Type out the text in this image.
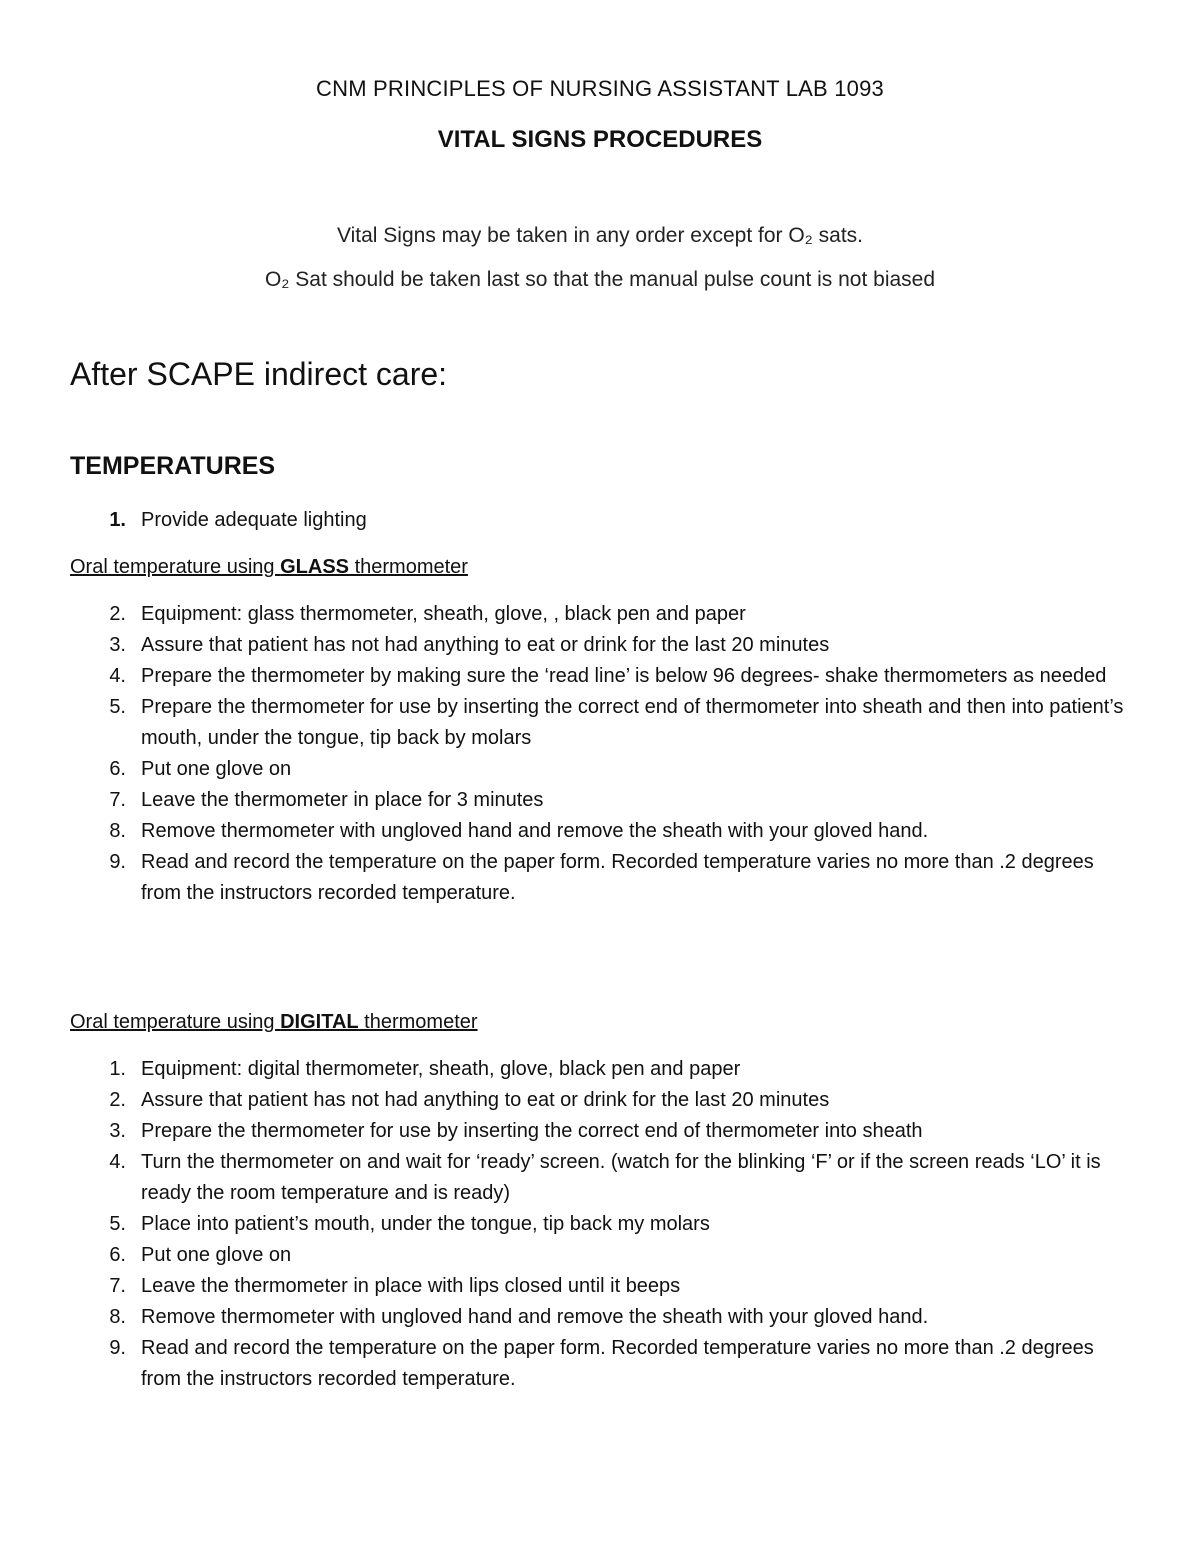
CNM PRINCIPLES OF NURSING ASSISTANT LAB 1093
VITAL SIGNS PROCEDURES
Vital Signs may be taken in any order except for O₂ sats.
O₂ Sat should be taken last so that the manual pulse count is not biased
After SCAPE indirect care:
TEMPERATURES
1. Provide adequate lighting
Oral temperature using GLASS thermometer
2. Equipment: glass thermometer, sheath, glove, , black pen and paper
3. Assure that patient has not had anything to eat or drink for the last 20 minutes
4. Prepare the thermometer by making sure the ‘read line’ is below 96 degrees- shake thermometers as needed
5. Prepare the thermometer for use by inserting the correct end of thermometer into sheath and then into patient’s mouth, under the tongue, tip back by molars
6. Put one glove on
7. Leave the thermometer in place for 3 minutes
8. Remove thermometer with ungloved hand and remove the sheath with your gloved hand.
9. Read and record the temperature on the paper form. Recorded temperature varies no more than .2 degrees from the instructors recorded temperature.
Oral temperature using DIGITAL thermometer
1. Equipment: digital thermometer, sheath, glove, black pen and paper
2. Assure that patient has not had anything to eat or drink for the last 20 minutes
3. Prepare the thermometer for use by inserting the correct end of thermometer into sheath
4. Turn the thermometer on and wait for ‘ready’ screen. (watch for the blinking ‘F’ or if the screen reads ‘LO’ it is ready the room temperature and is ready)
5. Place into patient’s mouth, under the tongue, tip back my molars
6. Put one glove on
7. Leave the thermometer in place with lips closed until it beeps
8. Remove thermometer with ungloved hand and remove the sheath with your gloved hand.
9. Read and record the temperature on the paper form. Recorded temperature varies no more than .2 degrees from the instructors recorded temperature.
